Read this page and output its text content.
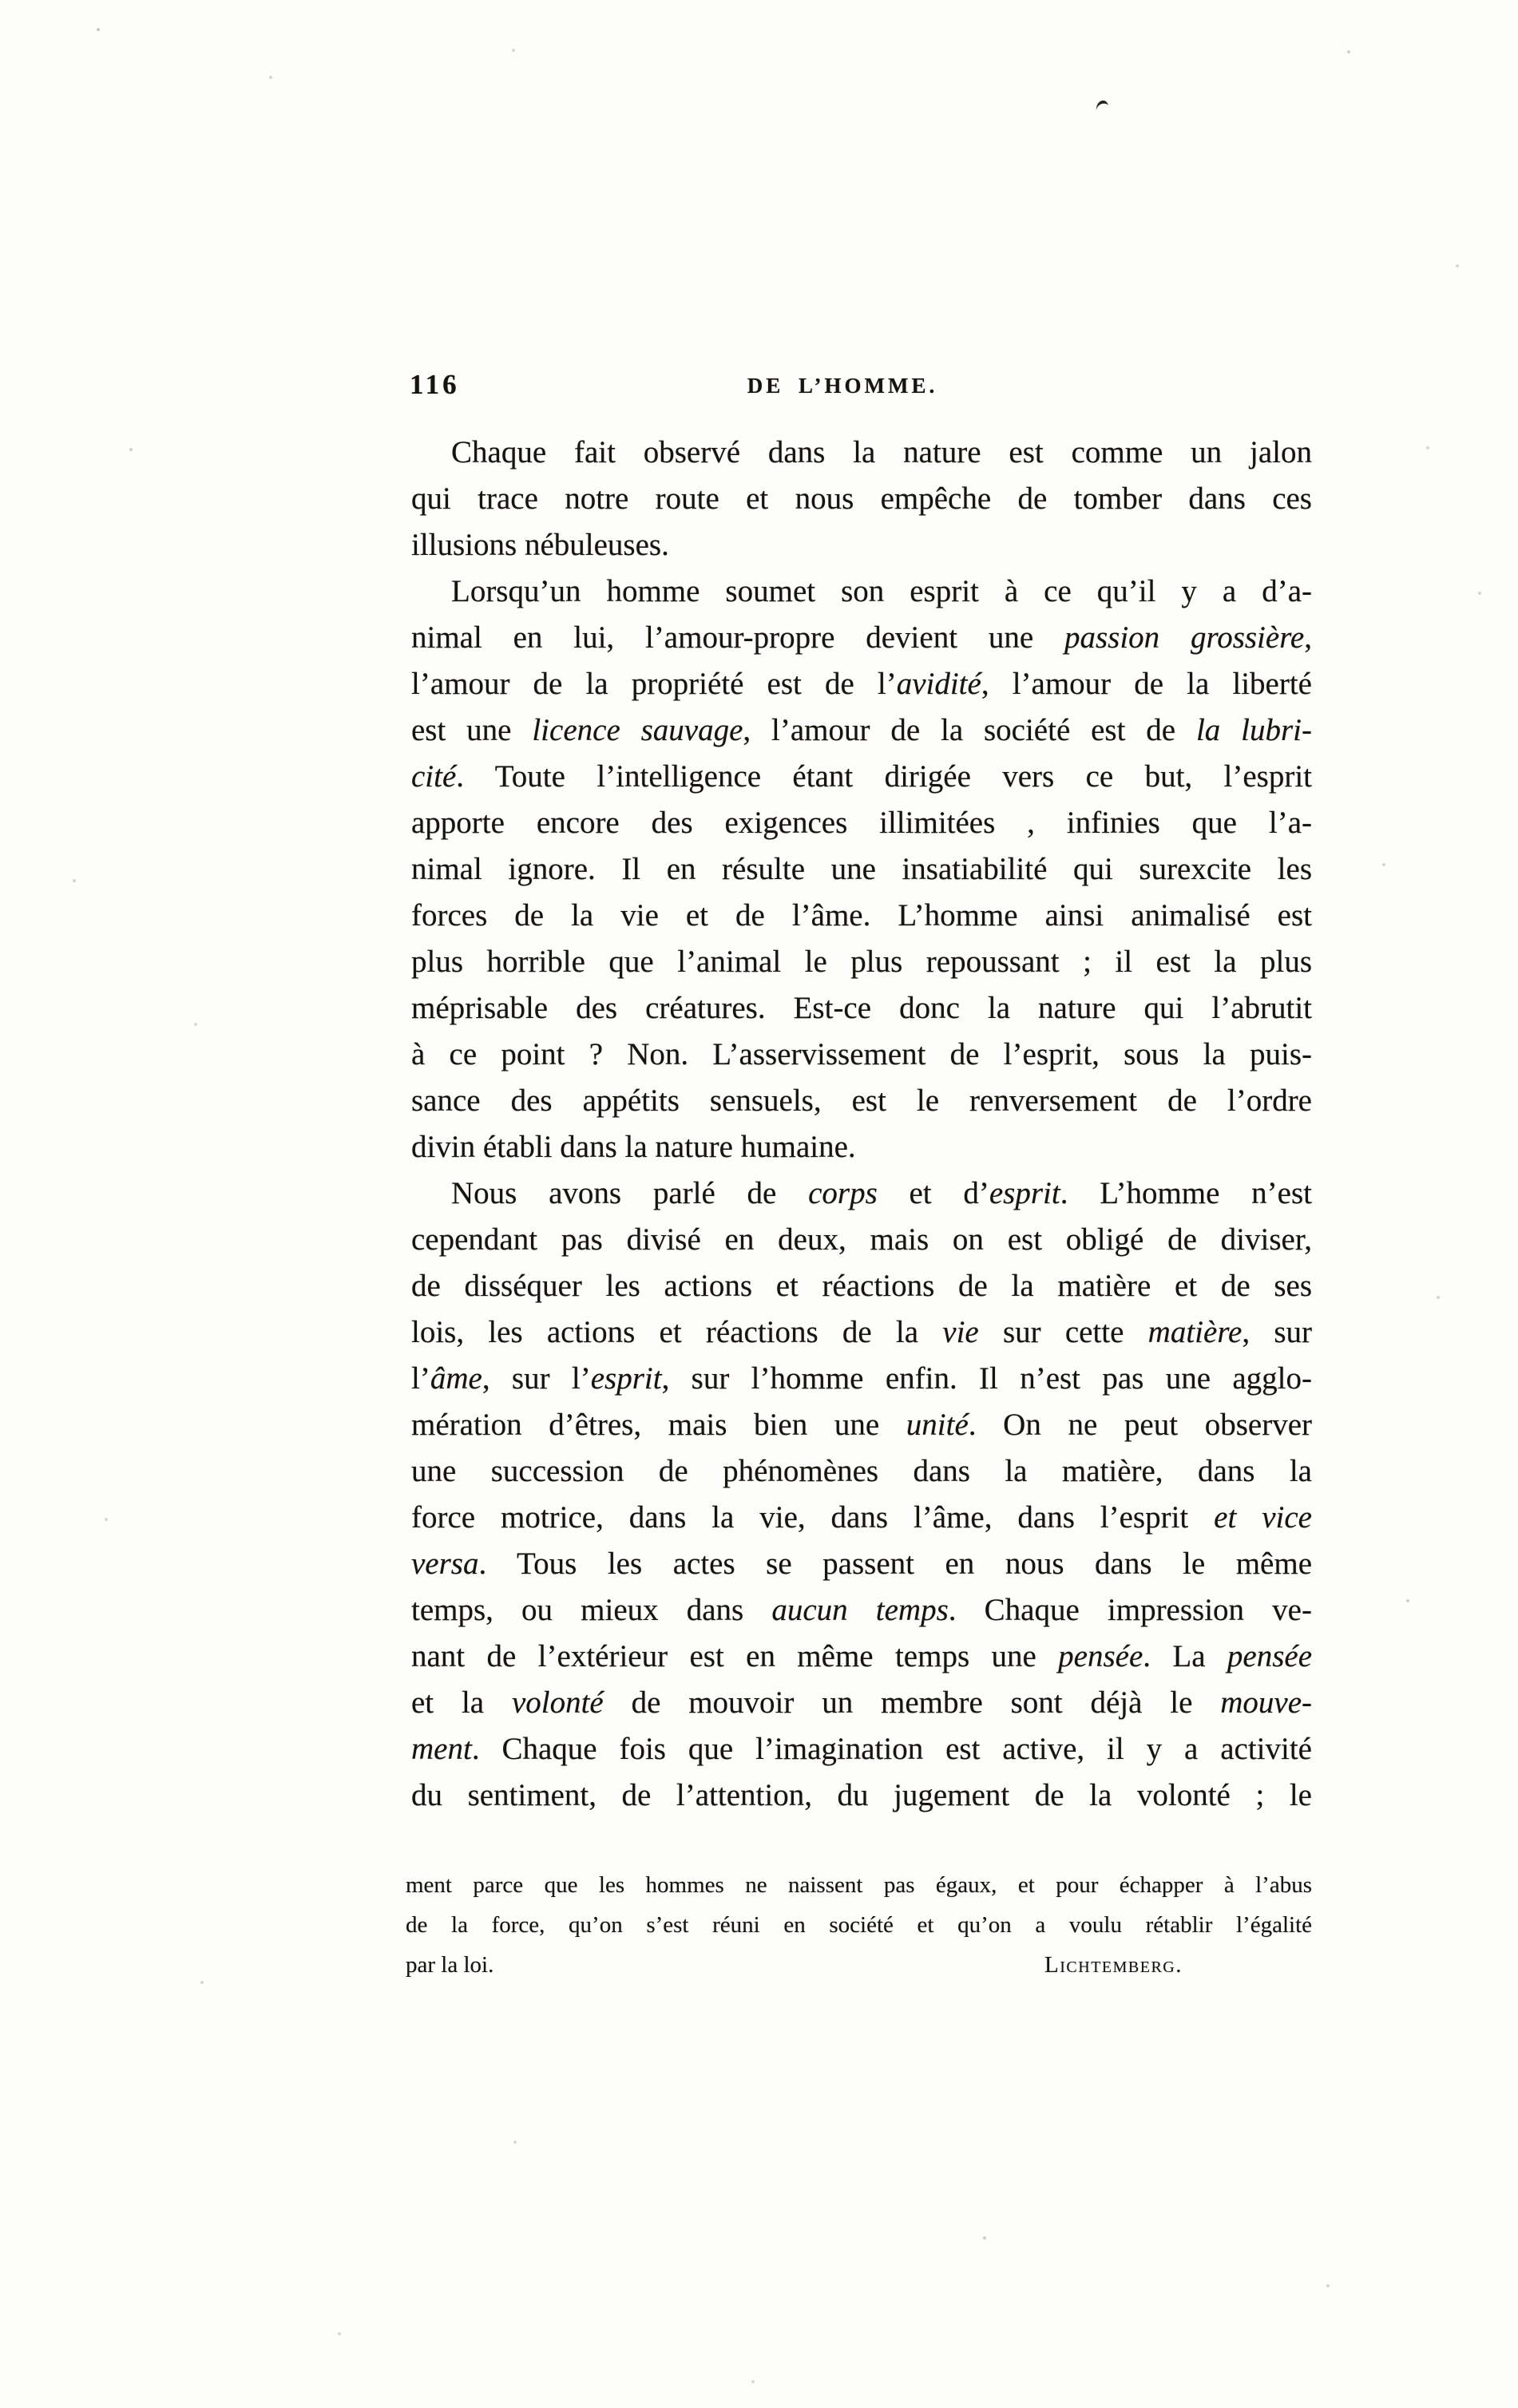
116	DE L’HOMME.
Chaque fait observé dans la nature est comme un jalon
qui trace notre route et nous empêche de tomber dans ces
illusions nébuleuses.
Lorsqu’un homme soumet son esprit à ce qu’il y a d’a-
nimal en lui, l’amour-propre devient une passion grossière,
l’amour de la propriété est de l’avidité, l’amour de la liberté
est une licence sauvage, l’amour de la société est de la lubri-
cité. Toute l’intelligence étant dirigée vers ce but, l’esprit
apporte encore des exigences illimitées , infinies que l’a-
nimal ignore. Il en résulte une insatiabilité qui surexcite les
forces de la vie et de l’âme. L’homme ainsi animalisé est
plus horrible que l’animal le plus repoussant ; il est la plus
méprisable des créatures. Est-ce donc la nature qui l’abrutit
à ce point ? Non. L’asservissement de l’esprit, sous la puis-
sance des appétits sensuels, est le renversement de l’ordre
divin établi dans la nature humaine.
Nous avons parlé de corps et d’esprit. L’homme n’est
cependant pas divisé en deux, mais on est obligé de diviser,
de disséquer les actions et réactions de la matière et de ses
lois, les actions et réactions de la vie sur cette matière, sur
l’âme, sur l’esprit, sur l’homme enfin. Il n’est pas une agglo-
mération d’êtres, mais bien une unité. On ne peut observer
une succession de phénomènes dans la matière, dans la
force motrice, dans la vie, dans l’âme, dans l’esprit et vice
versa. Tous les actes se passent en nous dans le même
temps, ou mieux dans aucun temps. Chaque impression ve-
nant de l’extérieur est en même temps une pensée. La pensée
et la volonté de mouvoir un membre sont déjà le mouve-
ment. Chaque fois que l’imagination est active, il y a activité
du sentiment, de l’attention, du jugement de la volonté ; le
ment parce que les hommes ne naissent pas égaux, et pour échapper à l’abus
de la force, qu’on s’est réuni en société et qu’on a voulu rétablir l’égalité
par la loi.	Lichtemberg.
